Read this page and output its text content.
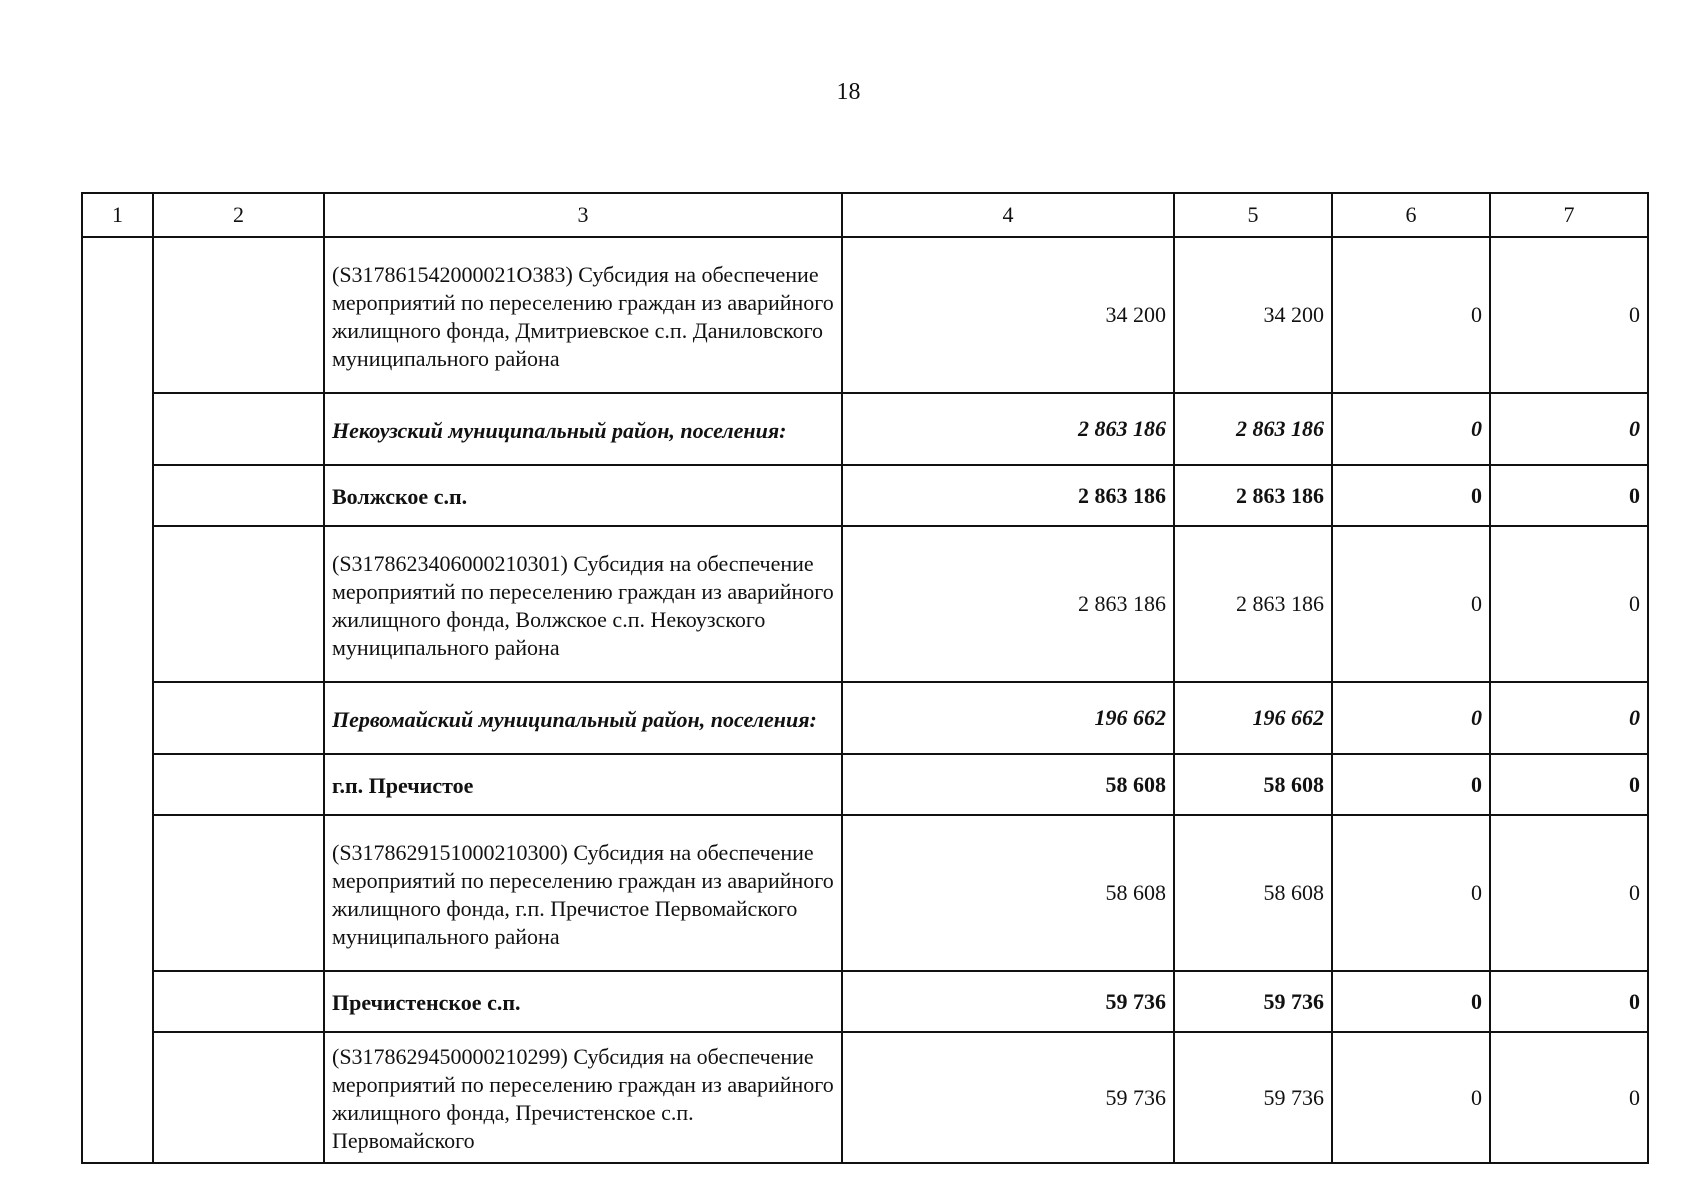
18
1	2	3	4	5	6	7
		(S317861542000021О383) Субсидия на обеспечение мероприятий по переселению граждан из аварийного жилищного фонда, Дмитриевское с.п. Даниловского муниципального района	34 200	34 200	0	0
		Некоузский муниципальный район, поселения:	2 863 186	2 863 186	0	0
		Волжское с.п.	2 863 186	2 863 186	0	0
		(S3178623406000210301) Субсидия на обеспечение мероприятий по переселению граждан из аварийного жилищного фонда, Волжское с.п. Некоузского муниципального района	2 863 186	2 863 186	0	0
		Первомайский муниципальный район, поселения:	196 662	196 662	0	0
		г.п. Пречистое	58 608	58 608	0	0
		(S3178629151000210300) Субсидия на обеспечение мероприятий по переселению граждан из аварийного жилищного фонда, г.п. Пречистое Первомайского муниципального района	58 608	58 608	0	0
		Пречистенское с.п.	59 736	59 736	0	0
		(S3178629450000210299) Субсидия на обеспечение мероприятий по переселению граждан из аварийного жилищного фонда, Пречистенское с.п. Первомайского	59 736	59 736	0	0
